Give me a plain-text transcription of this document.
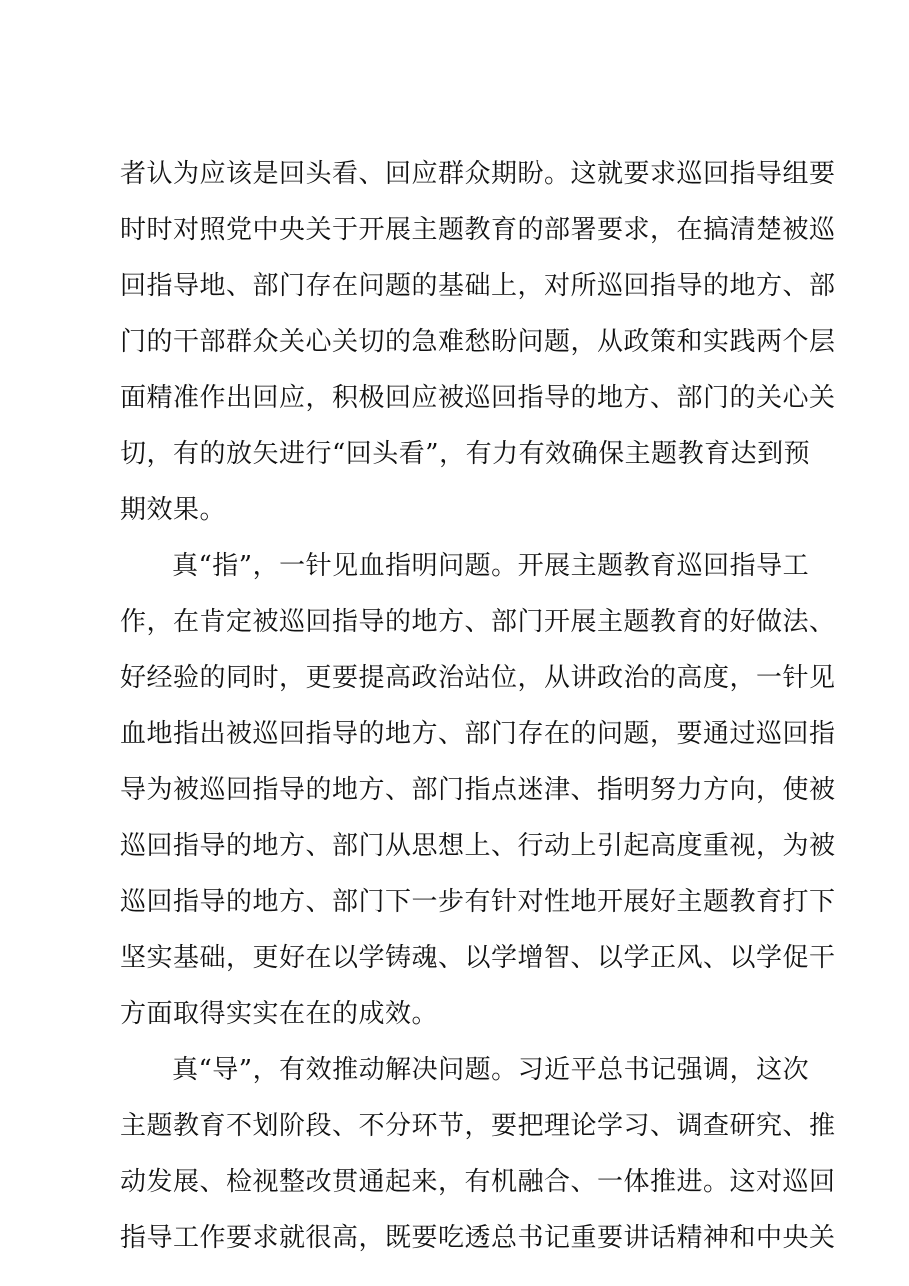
者认为应该是回头看、回应群众期盼。这就要求巡回指导组要
时时对照党中央关于开展主题教育的部署要求，在搞清楚被巡
回指导地、部门存在问题的基础上，对所巡回指导的地方、部
门的干部群众关心关切的急难愁盼问题，从政策和实践两个层
面精准作出回应，积极回应被巡回指导的地方、部门的关心关
切，有的放矢进行“回头看”，有力有效确保主题教育达到预
期效果。
真“指”，一针见血指明问题。开展主题教育巡回指导工
作，在肯定被巡回指导的地方、部门开展主题教育的好做法、
好经验的同时，更要提高政治站位，从讲政治的高度，一针见
血地指出被巡回指导的地方、部门存在的问题，要通过巡回指
导为被巡回指导的地方、部门指点迷津、指明努力方向，使被
巡回指导的地方、部门从思想上、行动上引起高度重视，为被
巡回指导的地方、部门下一步有针对性地开展好主题教育打下
坚实基础，更好在以学铸魂、以学增智、以学正风、以学促干
方面取得实实在在的成效。
真“导”，有效推动解决问题。习近平总书记强调，这次
主题教育不划阶段、不分环节，要把理论学习、调查研究、推
动发展、检视整改贯通起来，有机融合、一体推进。这对巡回
指导工作要求就很高，既要吃透总书记重要讲话精神和中央关
